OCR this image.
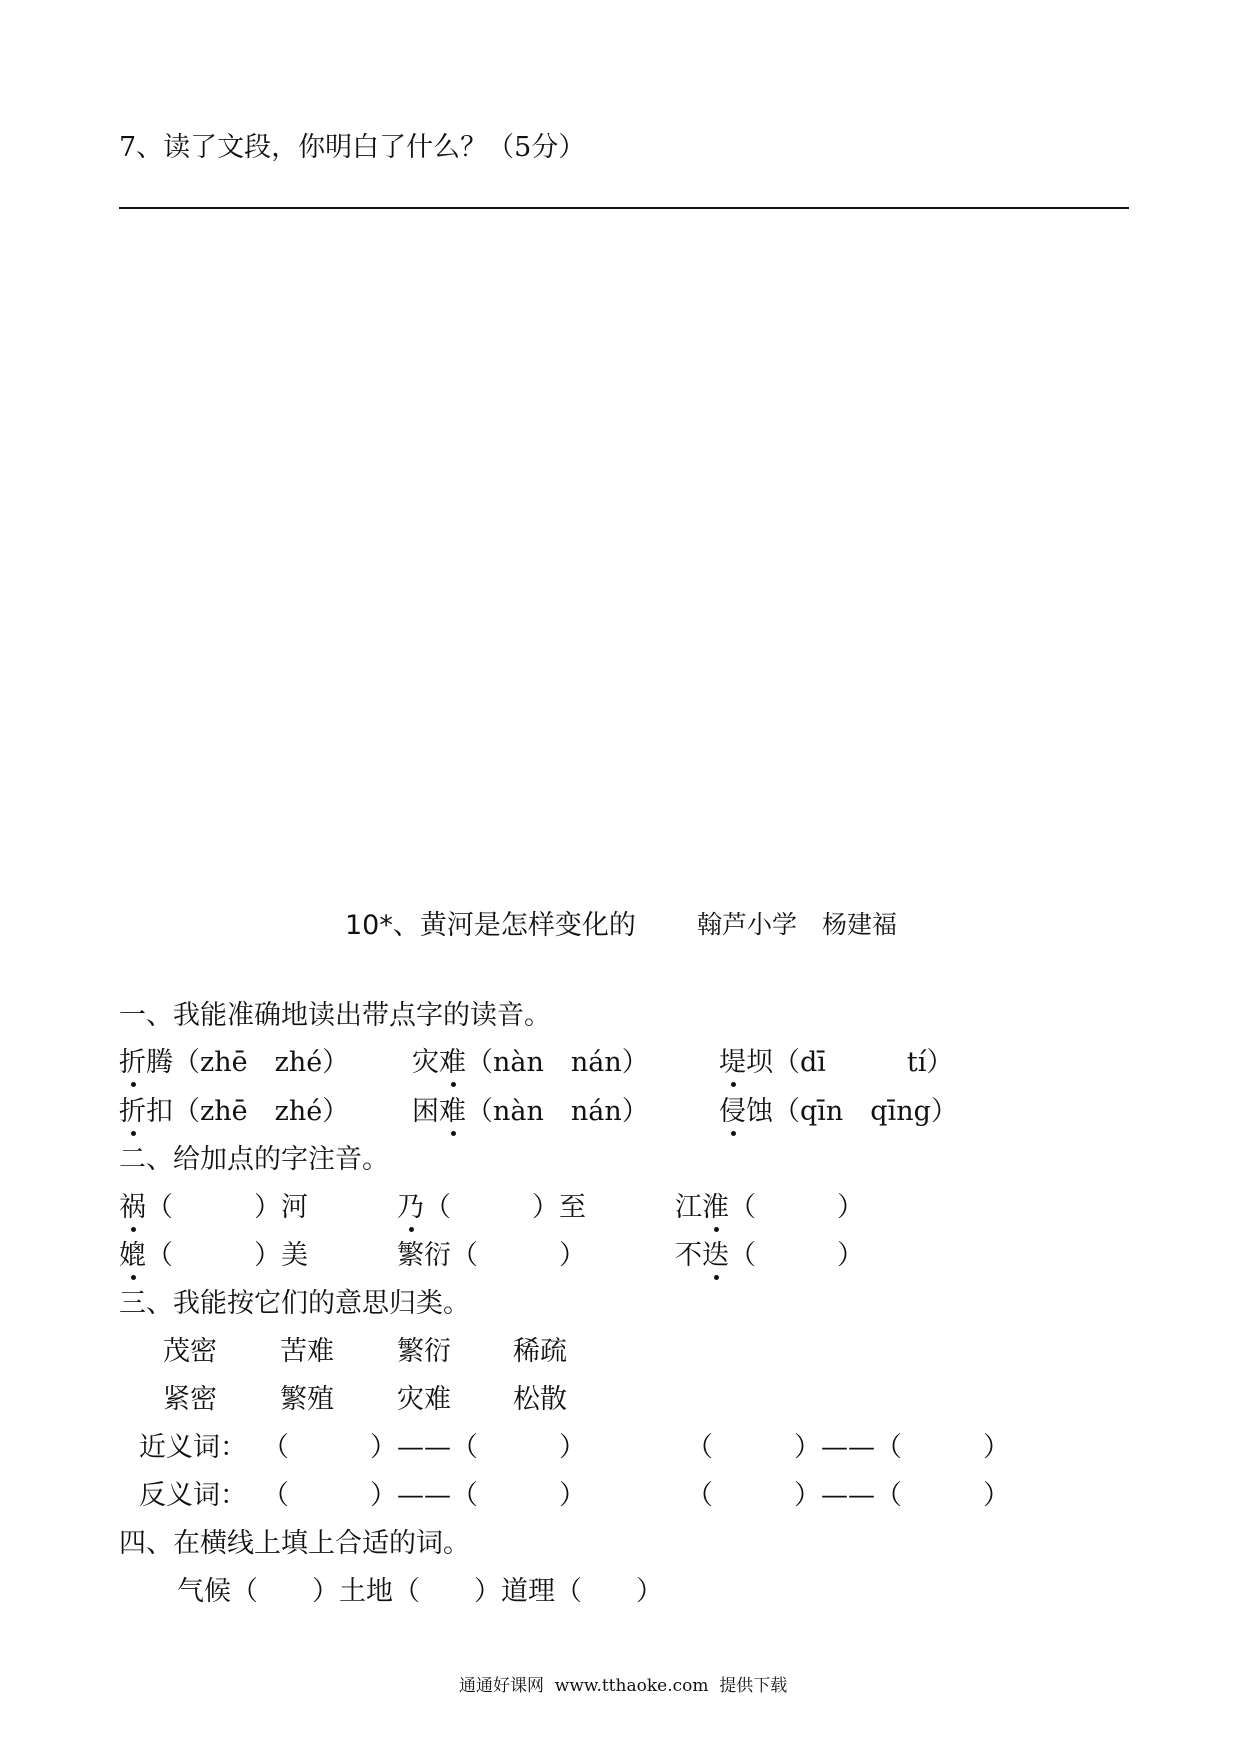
7、读了文段，你明白了什么？（5分）
10*、黄河是怎样变化的 翰芦小学　杨建福
一、我能准确地读出带点字的读音。
折腾（zhē　zhé） 灾难（nàn　nán）	堤坝（dī　　　tí）
折扣（zhē　zhé） 困难（nàn　nán）	侵蚀（qīn　qīng）
二、给加点的字注音。
祸（　　　）河	乃（　　　）至	江淮（　　　）
媲（　　　）美	繁衍（　　　）	不迭（　　　）
三、我能按它们的意思归类。
茂密 苦难 繁衍 稀疏
紧密 繁殖 灾难 松散
近义词： （　　　）——（　　　）	（　　　）——（　　　）
反义词： （　　　）——（　　　）	（　　　）——（　　　）
四、在横线上填上合适的词。
气候（　　）土地（　　）道理（　　）
通通好课网  www.tthaoke.com  提供下载
